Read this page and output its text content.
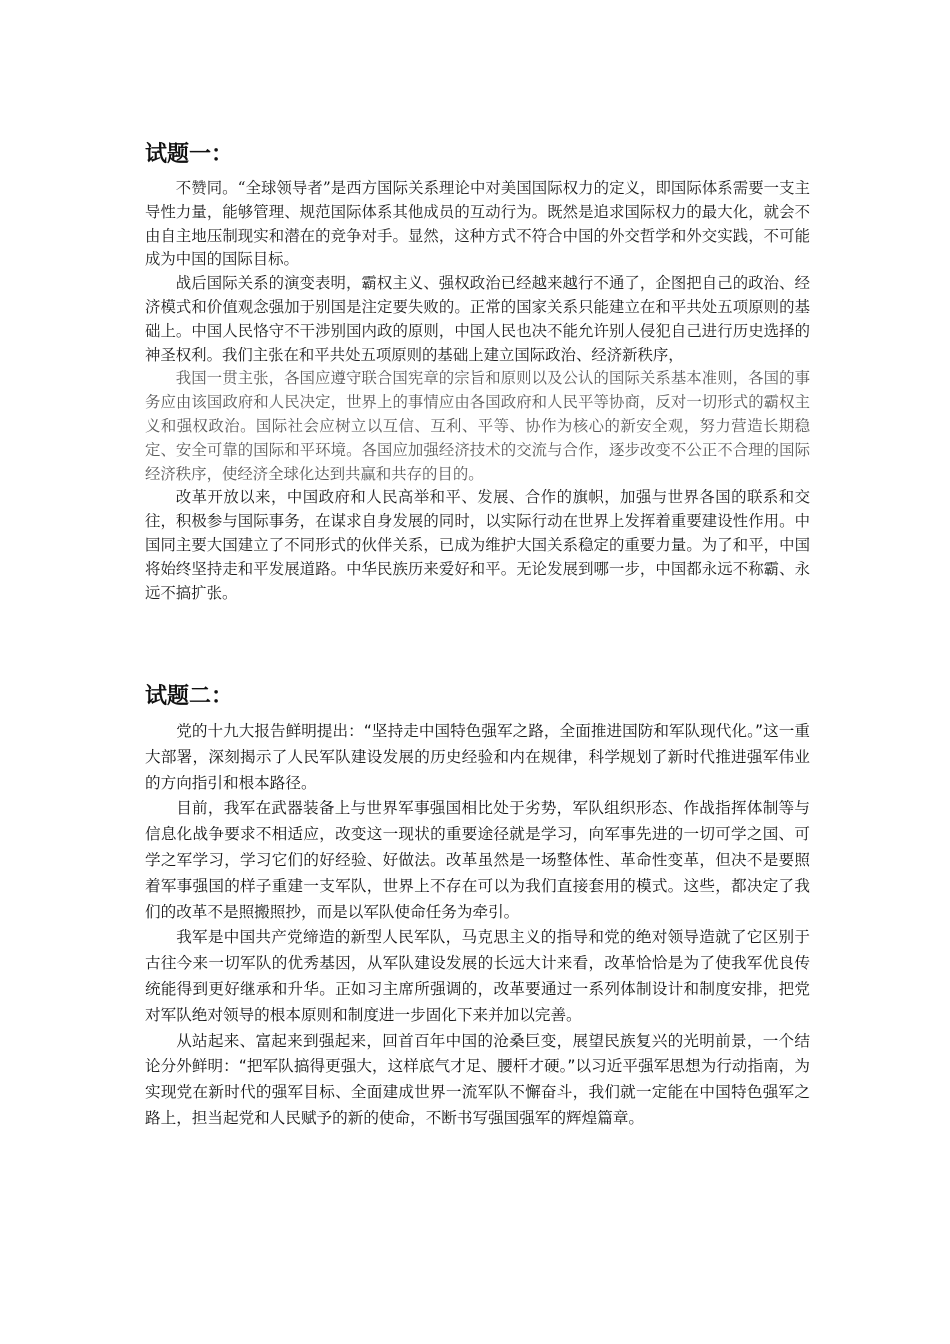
试题一：

不赞同。“全球领导者”是西方国际关系理论中对美国国际权力的定义，即国际体系需要一支主导性力量，能够管理、规范国际体系其他成员的互动行为。既然是追求国际权力的最大化，就会不由自主地压制现实和潜在的竞争对手。显然，这种方式不符合中国的外交哲学和外交实践，不可能成为中国的国际目标。

战后国际关系的演变表明，霸权主义、强权政治已经越来越行不通了，企图把自己的政治、经济模式和价值观念强加于别国是注定要失败的。正常的国家关系只能建立在和平共处五项原则的基础上。中国人民恪守不干涉别国内政的原则，中国人民也决不能允许别人侵犯自己进行历史选择的神圣权利。我们主张在和平共处五项原则的基础上建立国际政治、经济新秩序，

我国一贯主张，各国应遵守联合国宪章的宗旨和原则以及公认的国际关系基本准则，各国的事务应由该国政府和人民决定，世界上的事情应由各国政府和人民平等协商，反对一切形式的霸权主义和强权政治。国际社会应树立以互信、互利、平等、协作为核心的新安全观，努力营造长期稳定、安全可靠的国际和平环境。各国应加强经济技术的交流与合作，逐步改变不公正不合理的国际经济秩序，使经济全球化达到共赢和共存的目的。

改革开放以来，中国政府和人民高举和平、发展、合作的旗帜，加强与世界各国的联系和交往，积极参与国际事务，在谋求自身发展的同时，以实际行动在世界上发挥着重要建设性作用。中国同主要大国建立了不同形式的伙伴关系，已成为维护大国关系稳定的重要力量。为了和平，中国将始终坚持走和平发展道路。中华民族历来爱好和平。无论发展到哪一步，中国都永远不称霸、永远不搞扩张。

试题二：

党的十九大报告鲜明提出：“坚持走中国特色强军之路，全面推进国防和军队现代化。”这一重大部署，深刻揭示了人民军队建设发展的历史经验和内在规律，科学规划了新时代推进强军伟业的方向指引和根本路径。

目前，我军在武器装备上与世界军事强国相比处于劣势，军队组织形态、作战指挥体制等与信息化战争要求不相适应，改变这一现状的重要途径就是学习，向军事先进的一切可学之国、可学之军学习，学习它们的好经验、好做法。改革虽然是一场整体性、革命性变革，但决不是要照着军事强国的样子重建一支军队，世界上不存在可以为我们直接套用的模式。这些，都决定了我们的改革不是照搬照抄，而是以军队使命任务为牵引。

我军是中国共产党缔造的新型人民军队，马克思主义的指导和党的绝对领导造就了它区别于古往今来一切军队的优秀基因，从军队建设发展的长远大计来看，改革恰恰是为了使我军优良传统能得到更好继承和升华。正如习主席所强调的，改革要通过一系列体制设计和制度安排，把党对军队绝对领导的根本原则和制度进一步固化下来并加以完善。

从站起来、富起来到强起来，回首百年中国的沧桑巨变，展望民族复兴的光明前景，一个结论分外鲜明：“把军队搞得更强大，这样底气才足、腰杆才硬。”以习近平强军思想为行动指南，为实现党在新时代的强军目标、全面建成世界一流军队不懈奋斗，我们就一定能在中国特色强军之路上，担当起党和人民赋予的新的使命，不断书写强国强军的辉煌篇章。
